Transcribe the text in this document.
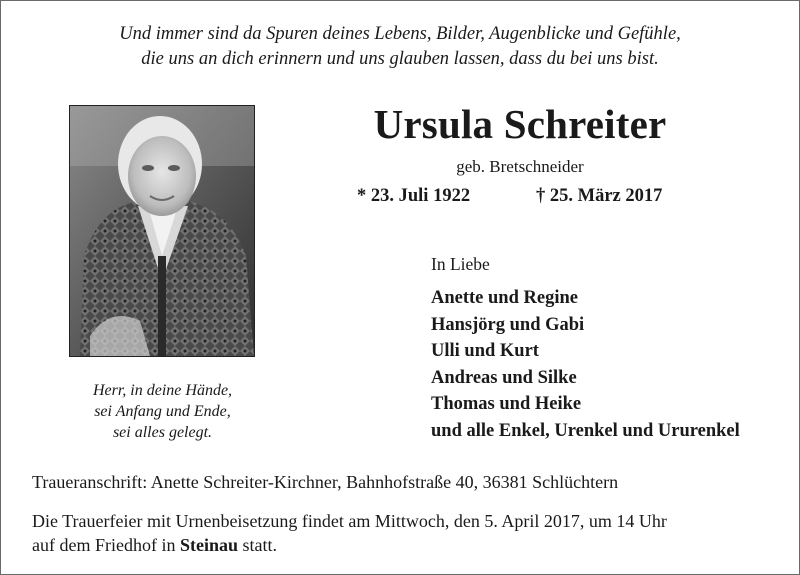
Und immer sind da Spuren deines Lebens, Bilder, Augenblicke und Gefühle,
die uns an dich erinnern und uns glauben lassen, dass du bei uns bist.
Herr, in deine Hände,
sei Anfang und Ende,
sei alles gelegt.
Ursula Schreiter
geb. Bretschneider
* 23. Juli 1922	† 25. März 2017
In Liebe
Anette und Regine
Hansjörg und Gabi
Ulli und Kurt
Andreas und Silke
Thomas und Heike
und alle Enkel, Urenkel und Ururenkel
Traueranschrift: Anette Schreiter-Kirchner, Bahnhofstraße 40, 36381 Schlüchtern
Die Trauerfeier mit Urnenbeisetzung findet am Mittwoch, den 5. April 2017, um 14 Uhr
auf dem Friedhof in Steinau statt.
